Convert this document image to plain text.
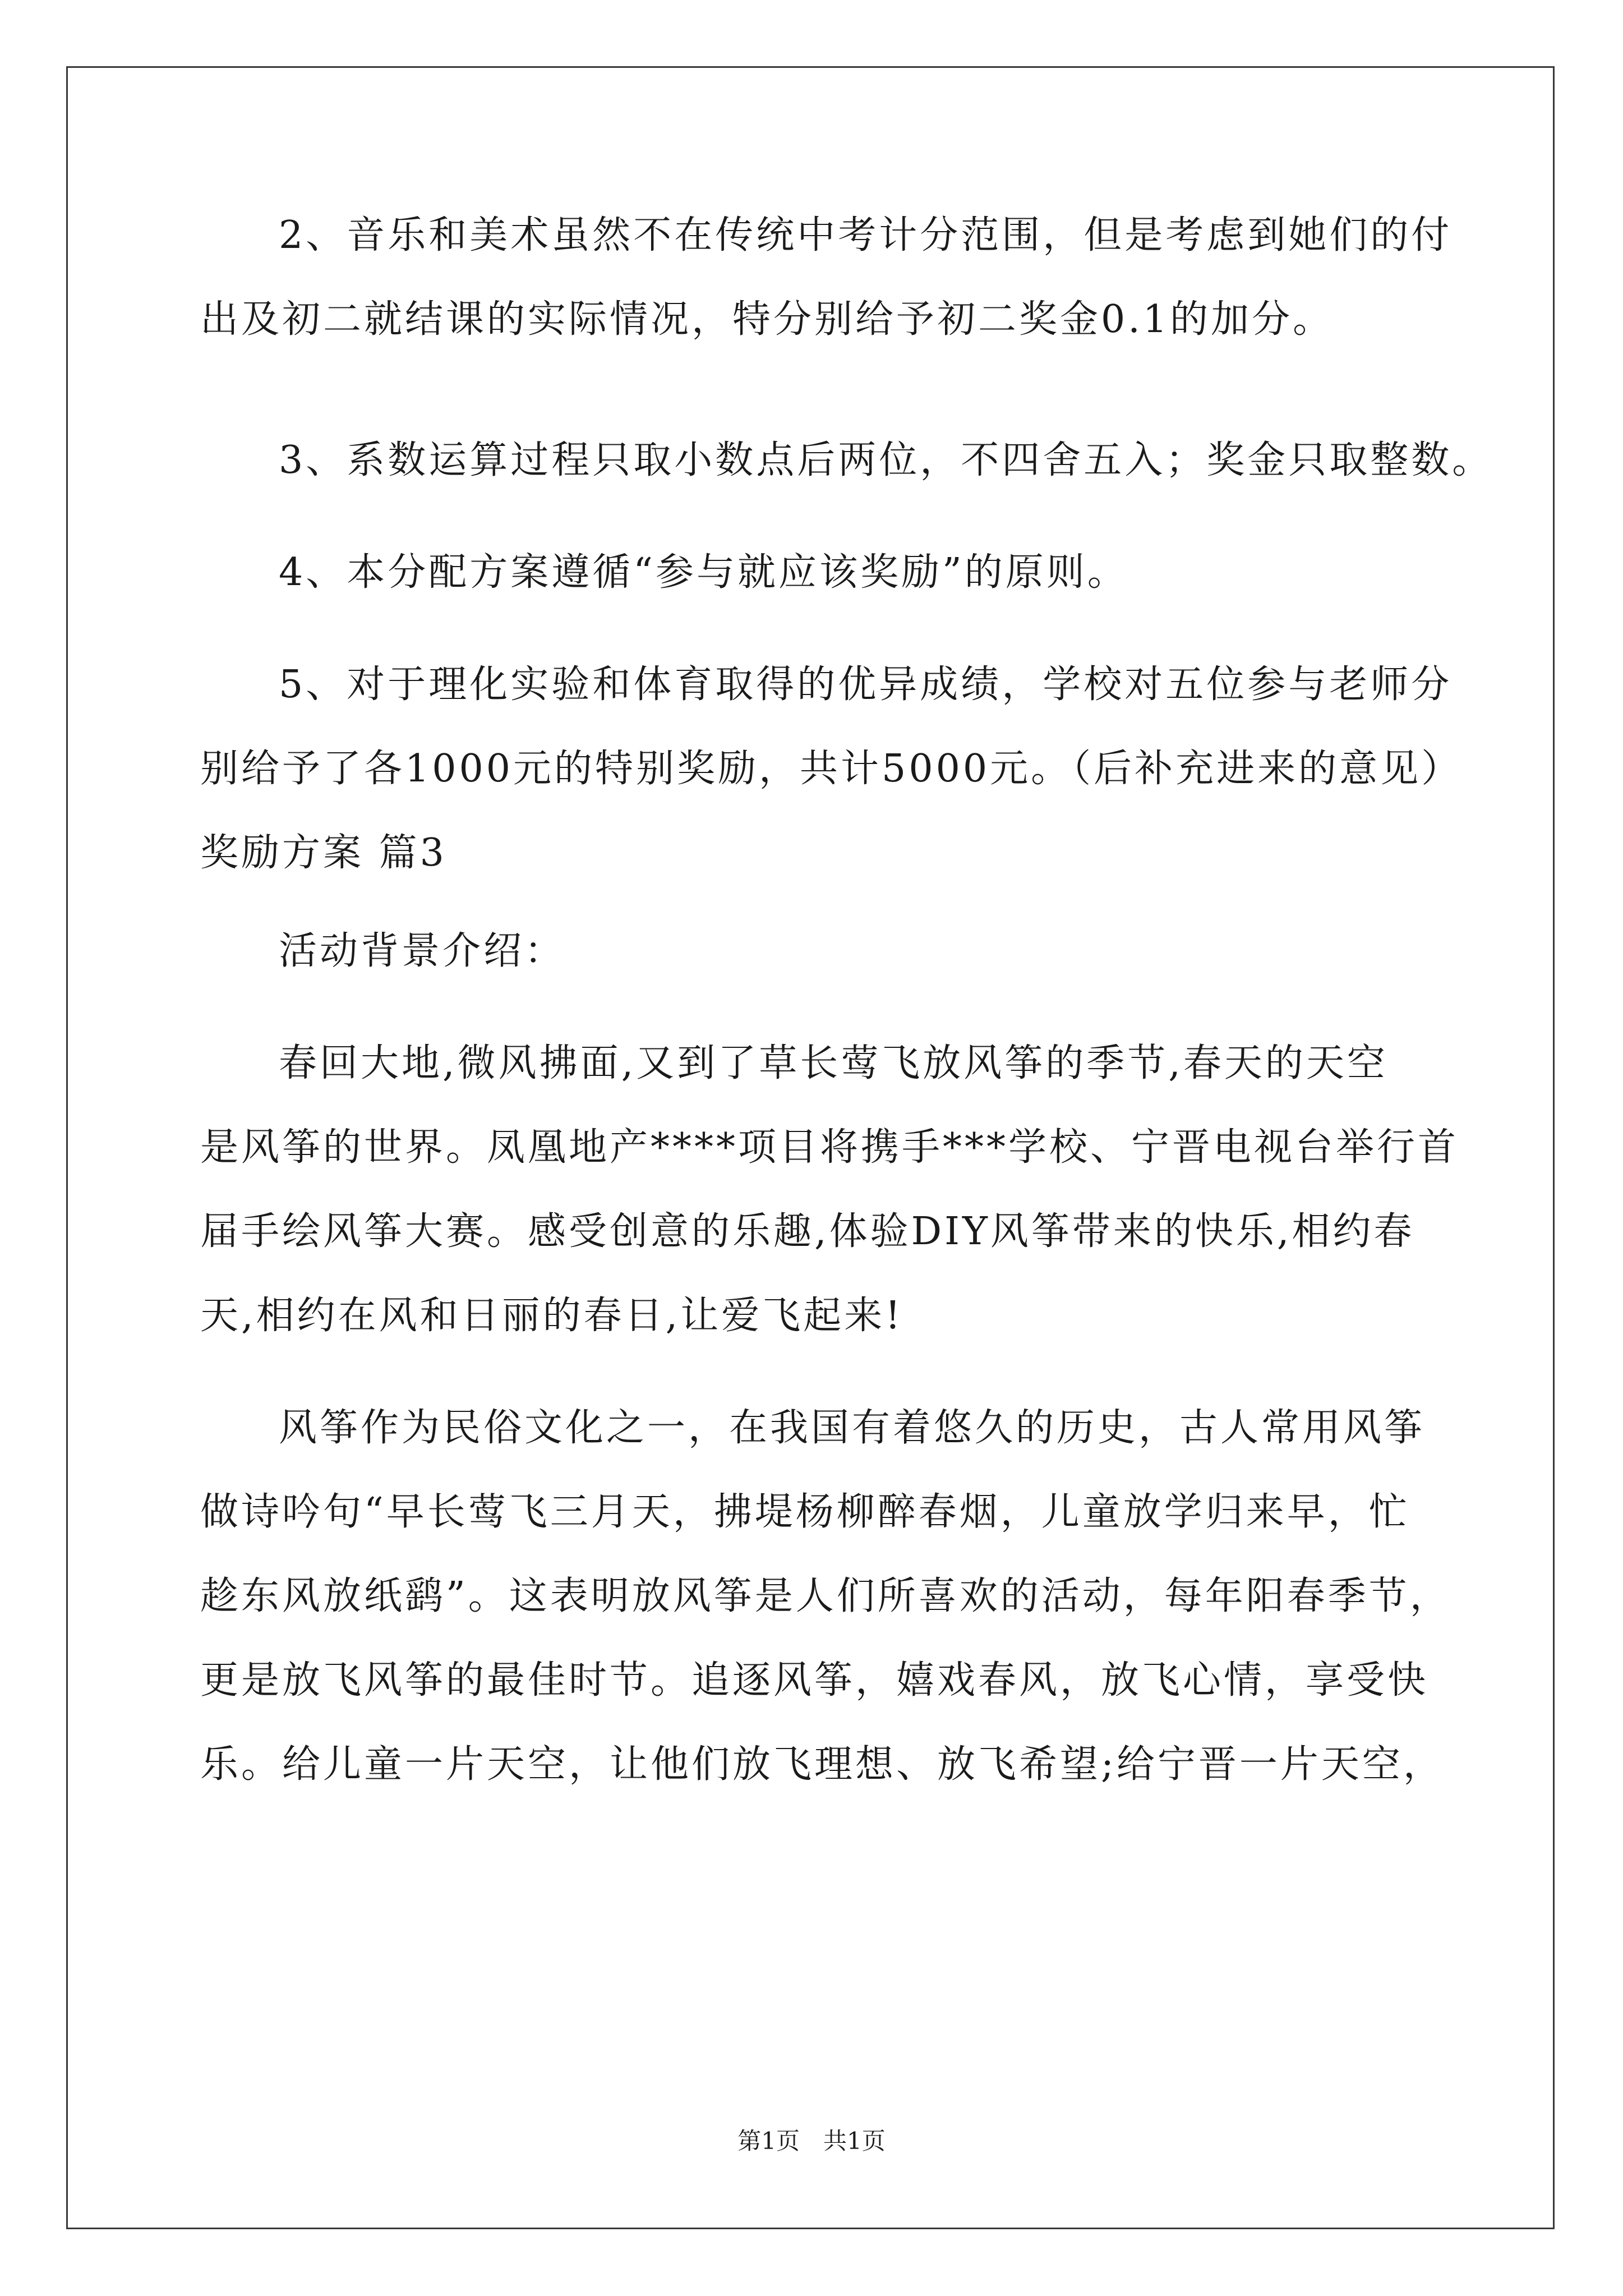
2、音乐和美术虽然不在传统中考计分范围，但是考虑到她们的付
出及初二就结课的实际情况，特分别给予初二奖金0.1的加分。
3、系数运算过程只取小数点后两位，不四舍五入；奖金只取整数。
4、本分配方案遵循“参与就应该奖励”的原则。
5、对于理化实验和体育取得的优异成绩，学校对五位参与老师分
别给予了各1000元的特别奖励，共计5000元。（后补充进来的意见）
奖励方案 篇3
活动背景介绍：
春回大地,微风拂面,又到了草长莺飞放风筝的季节,春天的天空
是风筝的世界。凤凰地产****项目将携手***学校、宁晋电视台举行首
届手绘风筝大赛。感受创意的乐趣,体验DIY风筝带来的快乐,相约春
天,相约在风和日丽的春日,让爱飞起来!
风筝作为民俗文化之一，在我国有着悠久的历史，古人常用风筝
做诗吟句“早长莺飞三月天，拂堤杨柳醉春烟，儿童放学归来早，忙
趁东风放纸鹞”。这表明放风筝是人们所喜欢的活动，每年阳春季节，
更是放飞风筝的最佳时节。追逐风筝，嬉戏春风，放飞心情，享受快
乐。给儿童一片天空，让他们放飞理想、放飞希望;给宁晋一片天空，
第1页　共1页
